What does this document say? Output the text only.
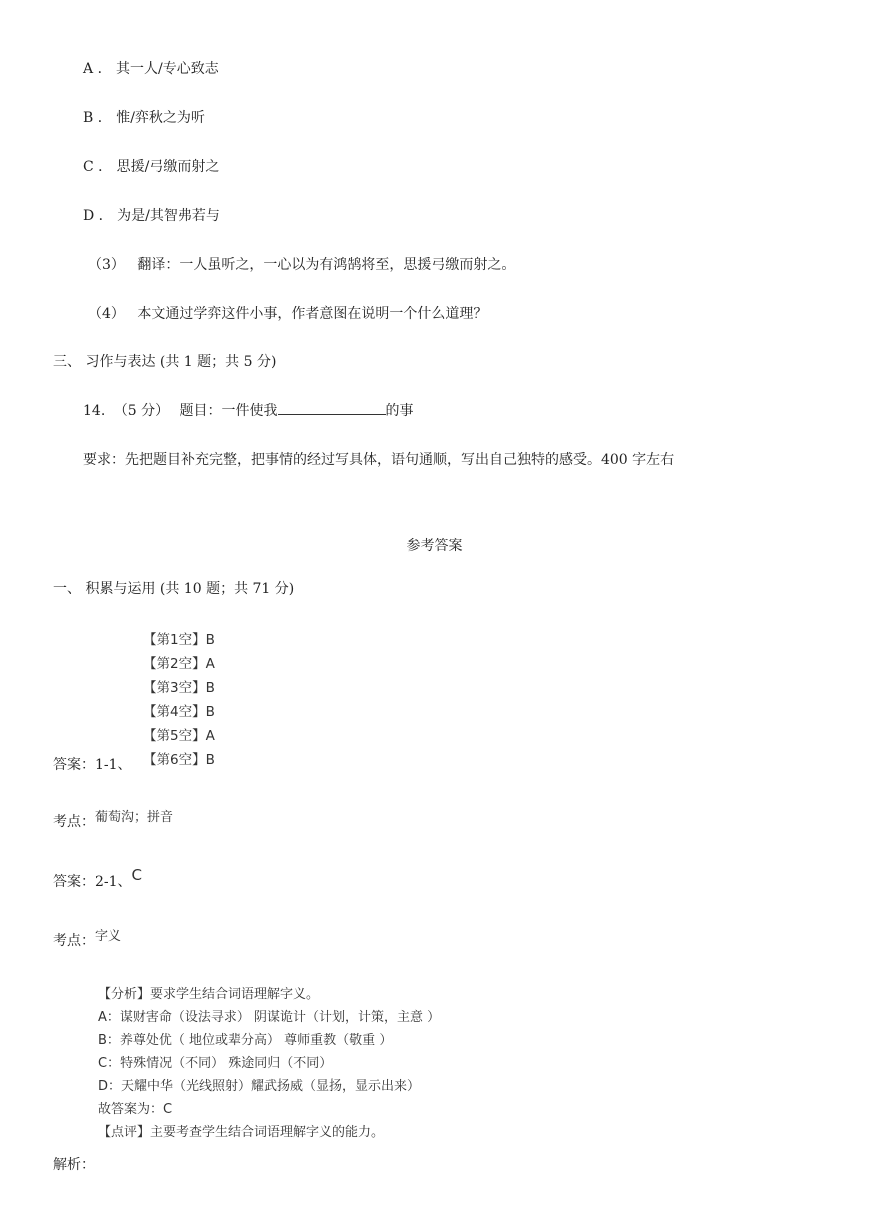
A ． 其一人/专心致志
B ． 惟/弈秋之为听
C ． 思援/弓缴而射之
D ． 为是/其智弗若与
（3） 翻译：一人虽听之，一心以为有鸿鹄将至，思援弓缴而射之。
（4） 本文通过学弈这件小事，作者意图在说明一个什么道理？
三、 习作与表达 (共 1 题；共 5 分)
14. （5 分） 题目：一件使我	的事
要求：先把题目补充完整，把事情的经过写具体，语句通顺，写出自己独特的感受。400 字左右
参考答案
一、 积累与运用 (共 10 题；共 71 分)
【第1空】B
【第2空】A
【第3空】B
【第4空】B
【第5空】A
【第6空】B
答案：1-1、
考点：葡萄沟；拼音
答案：2-1、C
考点：字义
【分析】要求学生结合词语理解字义。
A：谋财害命（设法寻求） 阴谋诡计（计划，计策，主意 ）
B：养尊处优（ 地位或辈分高） 尊师重教（敬重 ）
C：特殊情况（不同） 殊途同归（不同）
D：天耀中华（光线照射）耀武扬威（显扬，显示出来）
故答案为：C
【点评】主要考查学生结合词语理解字义的能力。
解析：
